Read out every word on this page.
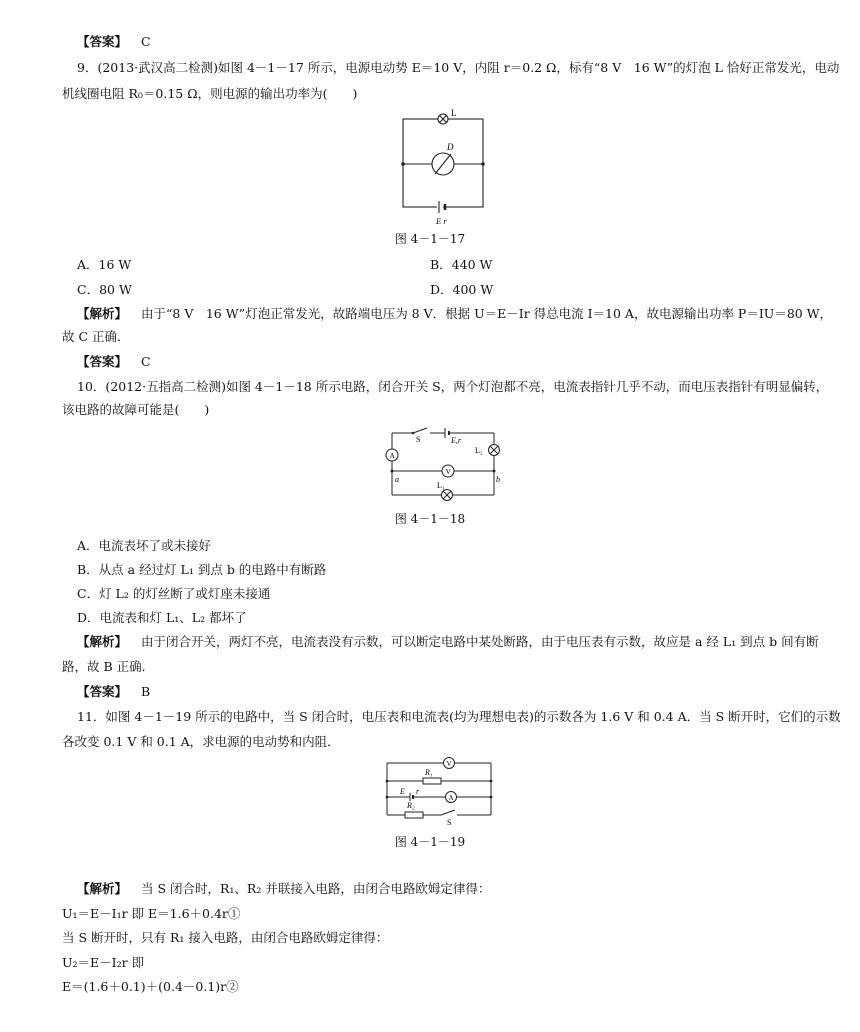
【答案】 C
9．(2013·武汉高二检测)如图 4－1－17 所示，电源电动势 E＝10 V，内阻 r＝0.2 Ω，标有“8 V　16 W”的灯泡 L 恰好正常发光，电动
机线圈电阻 R₀＝0.15 Ω，则电源的输出功率为(　　)
L
D
E r
图 4－1－17
A．16 W	B．440 W
C．80 W	D．400 W
【解析】 由于“8 V　16 W”灯泡正常发光，故路端电压为 8 V．根据 U＝E－Ir 得总电流 I＝10 A，故电源输出功率 P＝IU＝80 W，
故 C 正确．
【答案】 C
10．(2012·五指高二检测)如图 4－1－18 所示电路，闭合开关 S，两个灯泡都不亮，电流表指针几乎不动，而电压表指针有明显偏转，
该电路的故障可能是(　　)
S	E,r
A
L₂
V
L₁
a	b
图 4－1－18
A．电流表坏了或未接好
B．从点 a 经过灯 L₁ 到点 b 的电路中有断路
C．灯 L₂ 的灯丝断了或灯座未接通
D．电流表和灯 L₁、L₂ 都坏了
【解析】 由于闭合开关，两灯不亮，电流表没有示数，可以断定电路中某处断路，由于电压表有示数，故应是 a 经 L₁ 到点 b 间有断
路，故 B 正确．
【答案】 B
11．如图 4－1－19 所示的电路中，当 S 闭合时，电压表和电流表(均为理想电表)的示数各为 1.6 V 和 0.4 A．当 S 断开时，它们的示数
各改变 0.1 V 和 0.1 A，求电源的电动势和内阻．
V
R₁
E r
A
R₂
S
图 4－1－19
【解析】 当 S 闭合时，R₁、R₂ 并联接入电路，由闭合电路欧姆定律得：
U₁＝E－I₁r 即 E＝1.6＋0.4r①
当 S 断开时，只有 R₁ 接入电路，由闭合电路欧姆定律得：
U₂＝E－I₂r 即
E＝(1.6＋0.1)＋(0.4－0.1)r②
